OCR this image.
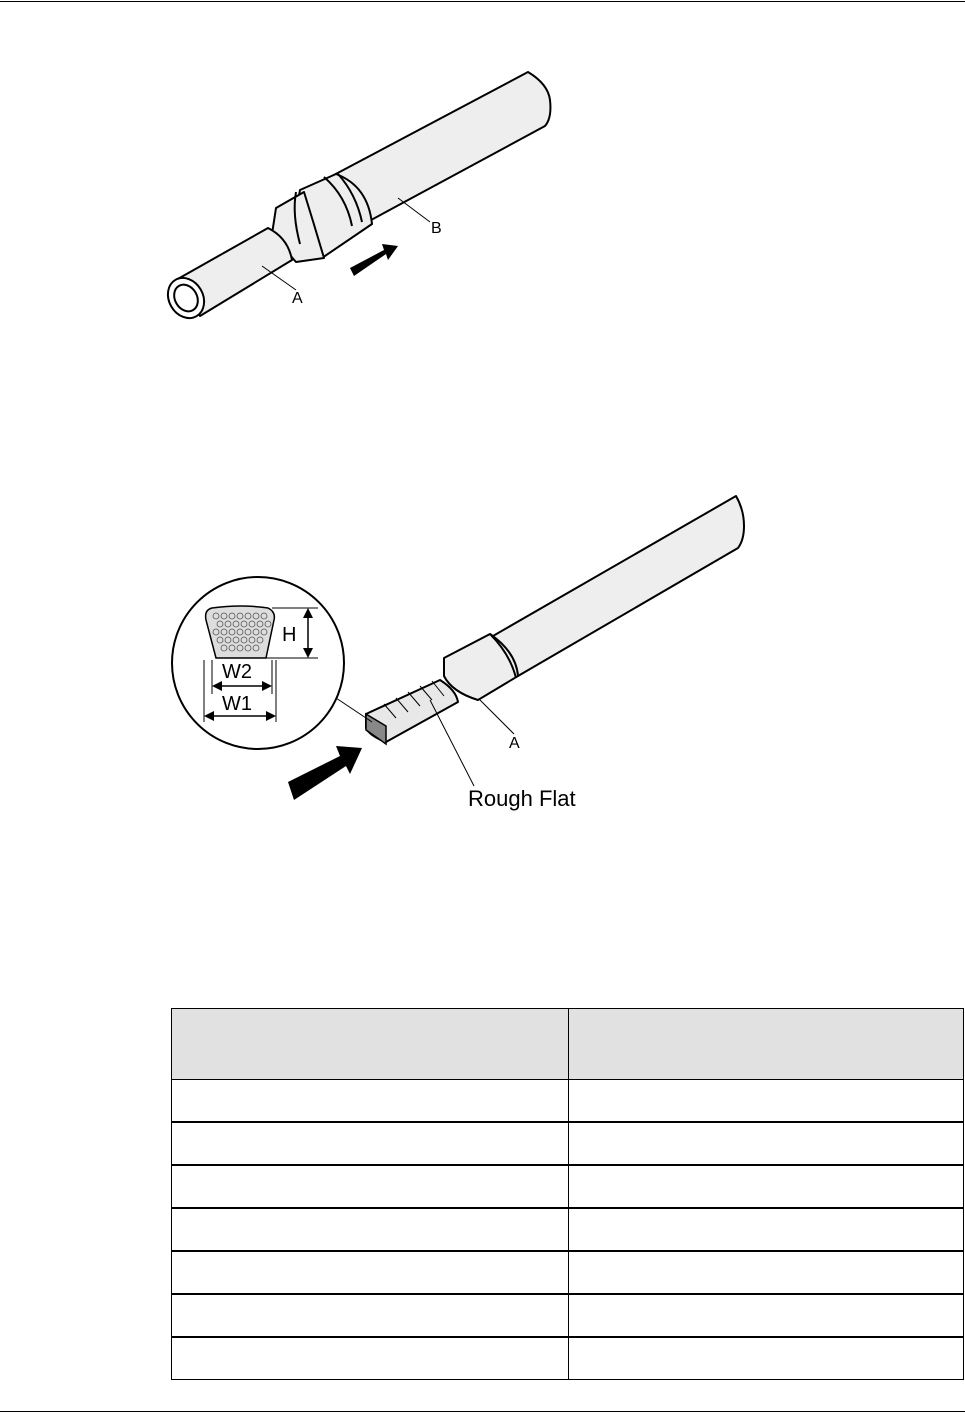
A
B
A
Rough Flat
H
W2
W1
